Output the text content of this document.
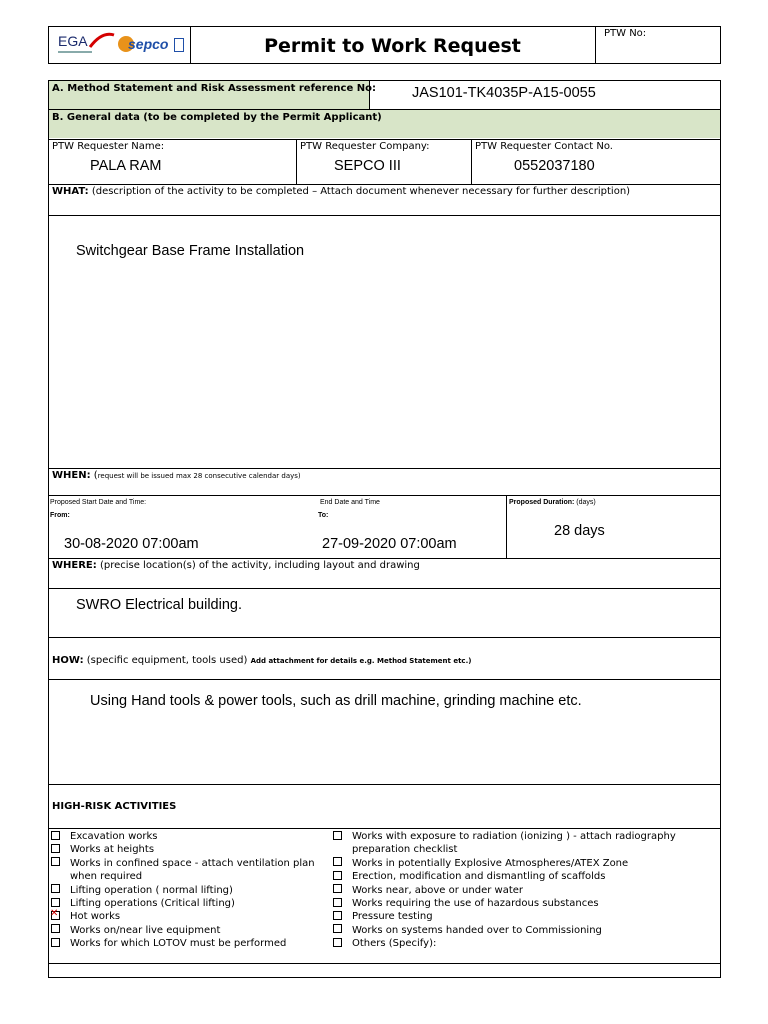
EGA	sepco	Permit to Work Request
PTW No:
A. Method Statement and Risk Assessment reference No: JAS101-TK4035P-A15-0055
B. General data (to be completed by the Permit Applicant)
PTW Requester Name:
PALA RAM
PTW Requester Company:
SEPCO III
PTW Requester Contact No.
0552037180
WHAT: (description of the activity to be completed – Attach document whenever necessary for further description)
Switchgear Base Frame Installation
WHEN: (request will be issued max 28 consecutive calendar days)
Proposed Start Date and Time:
From:
30-08-2020 07:00am
End Date and Time
To:
27-09-2020 07:00am
Proposed Duration: (days)
28 days
WHERE: (precise location(s) of the activity, including layout and drawing
SWRO Electrical building.
HOW: (specific equipment, tools used) Add attachment for details e.g. Method Statement etc.)
Using Hand tools & power tools, such as drill machine, grinding machine etc.
HIGH-RISK ACTIVITIES
Excavation works
Works at heights
Works in confined space - attach ventilation plan
when required
Lifting operation ( normal lifting)
Lifting operations (Critical lifting)
✕Hot works
Works on/near live equipment
Works for which LOTOV must be performed
Works with exposure to radiation (ionizing ) - attach radiography
preparation checklist
Works in potentially Explosive Atmospheres/ATEX Zone
Erection, modification and dismantling of scaffolds
Works near, above or under water
Works requiring the use of hazardous substances
Pressure testing
Works on systems handed over to Commissioning
Others (Specify):
